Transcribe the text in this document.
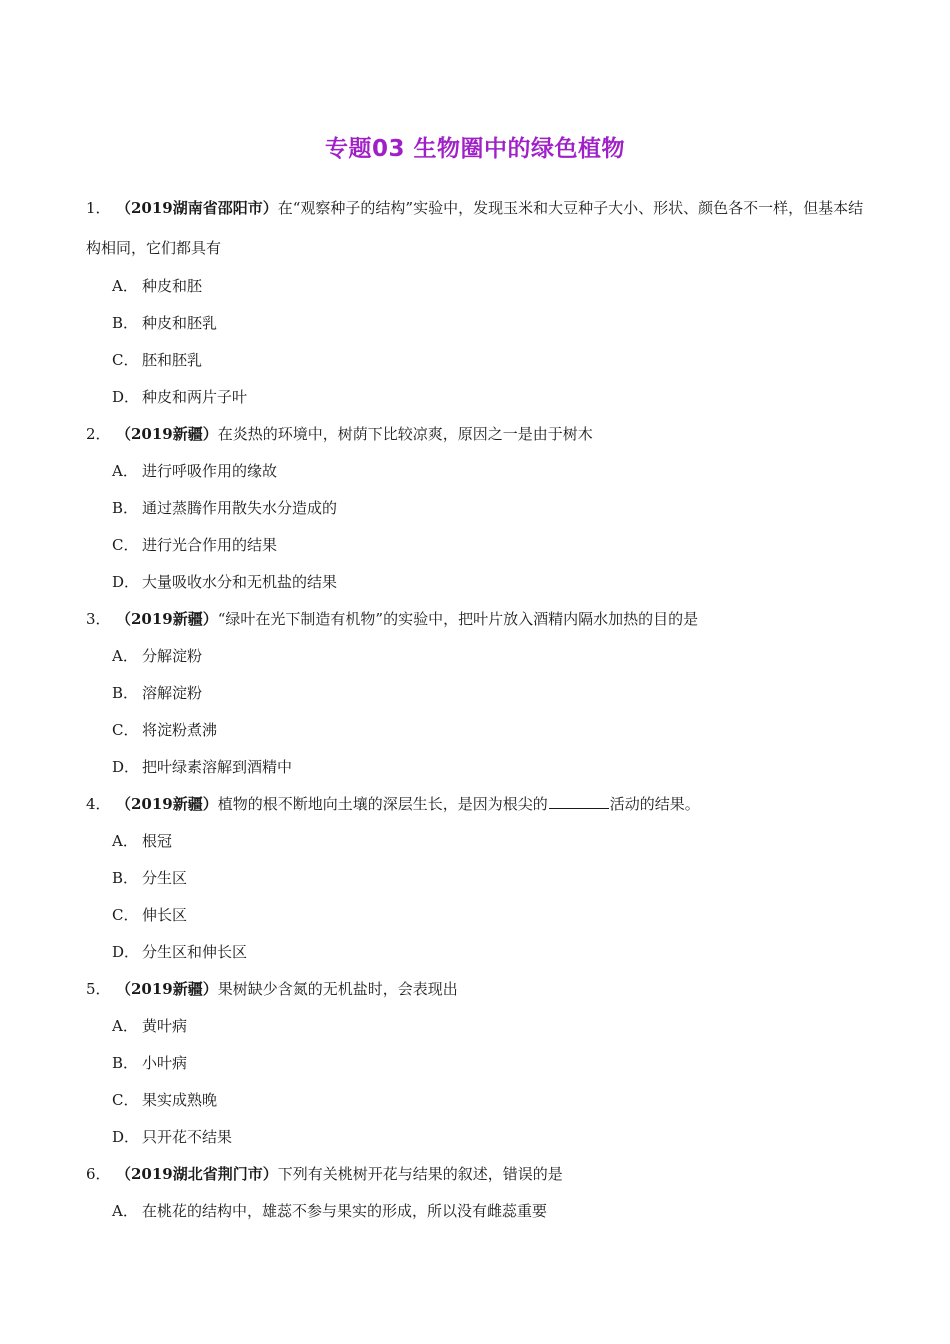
专题03 生物圈中的绿色植物
1． （2019湖南省邵阳市）在“观察种子的结构”实验中，发现玉米和大豆种子大小、形状、颜色各不一样，但基本结构相同，它们都具有
A． 种皮和胚
B． 种皮和胚乳
C． 胚和胚乳
D． 种皮和两片子叶
2． （2019新疆）在炎热的环境中，树荫下比较凉爽，原因之一是由于树木
A． 进行呼吸作用的缘故
B． 通过蒸腾作用散失水分造成的
C． 进行光合作用的结果
D． 大量吸收水分和无机盐的结果
3． （2019新疆）“绿叶在光下制造有机物”的实验中，把叶片放入酒精内隔水加热的目的是
A． 分解淀粉
B． 溶解淀粉
C． 将淀粉煮沸
D． 把叶绿素溶解到酒精中
4． （2019新疆）植物的根不断地向土壤的深层生长，是因为根尖的	活动的结果。
A． 根冠
B． 分生区
C． 伸长区
D． 分生区和伸长区
5． （2019新疆）果树缺少含氮的无机盐时，会表现出
A． 黄叶病
B． 小叶病
C． 果实成熟晚
D． 只开花不结果
6． （2019湖北省荆门市）下列有关桃树开花与结果的叙述，错误的是
A． 在桃花的结构中，雄蕊不参与果实的形成，所以没有雌蕊重要
